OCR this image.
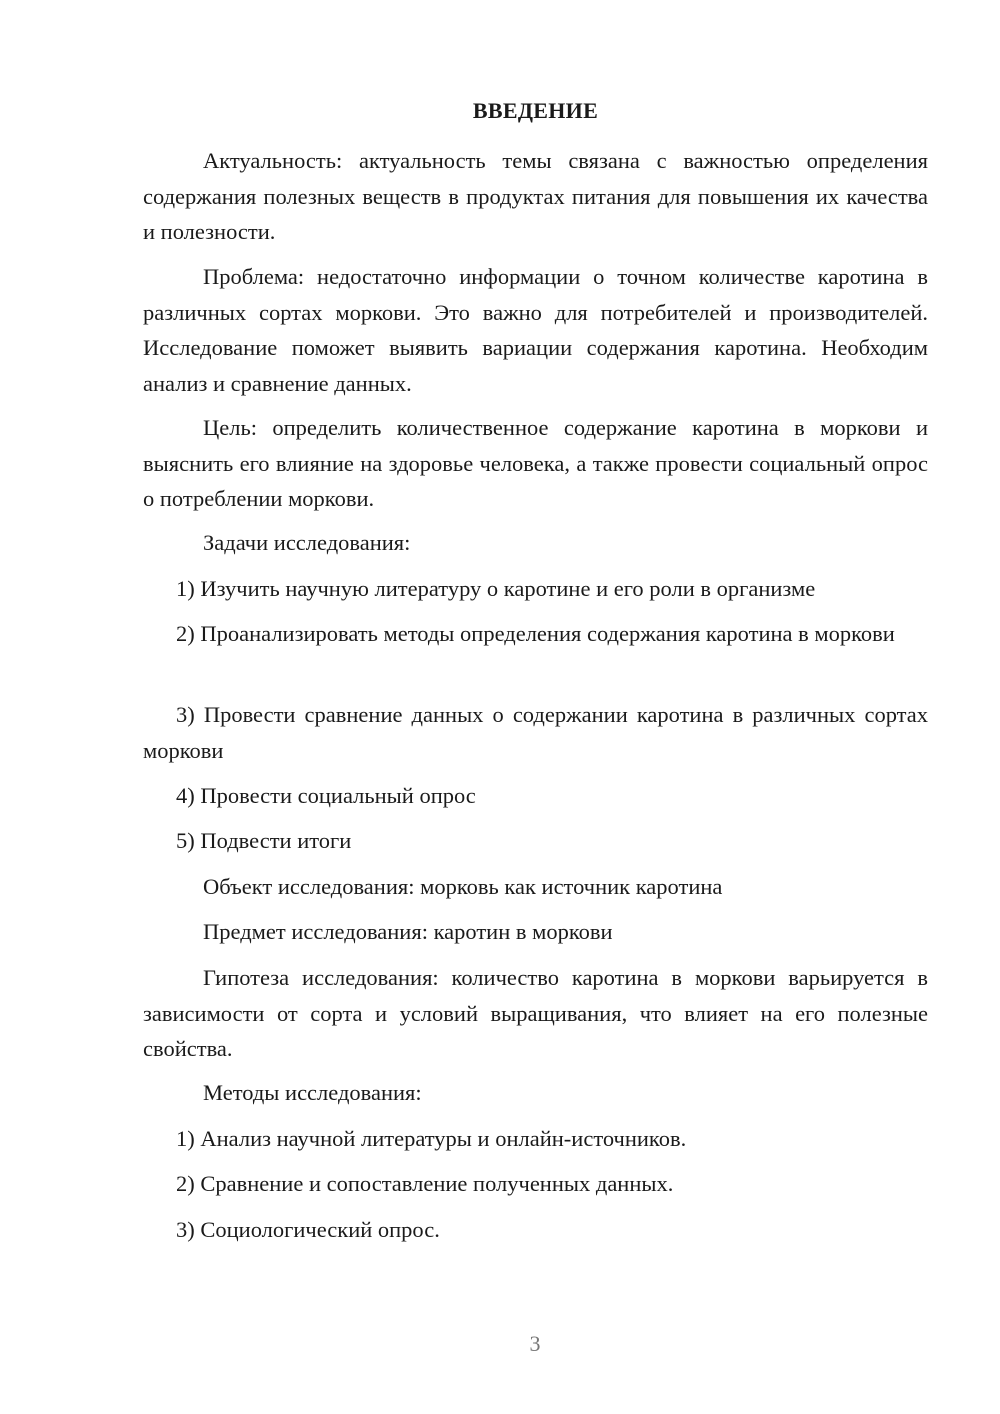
ВВЕДЕНИЕ
Актуальность: актуальность темы связана с важностью определения содержания полезных веществ в продуктах питания для повышения их качества и полезности.
Проблема: недостаточно информации о точном количестве каротина в различных сортах моркови. Это важно для потребителей и производителей. Исследование поможет выявить вариации содержания каротина. Необходим анализ и сравнение данных.
Цель: определить количественное содержание каротина в моркови и выяснить его влияние на здоровье человека, а также провести социальный опрос о потреблении моркови.
Задачи исследования:
1) Изучить научную литературу о каротине и его роли в организме
2) Проанализировать методы определения содержания каротина в моркови
3) Провести сравнение данных о содержании каротина в различных сортах моркови
4) Провести социальный опрос
5) Подвести итоги
Объект исследования: морковь как источник каротина
Предмет исследования: каротин в моркови
Гипотеза исследования: количество каротина в моркови варьируется в зависимости от сорта и условий выращивания, что влияет на его полезные свойства.
Методы исследования:
1) Анализ научной литературы и онлайн-источников.
2) Сравнение и сопоставление полученных данных.
3) Социологический опрос.
3
